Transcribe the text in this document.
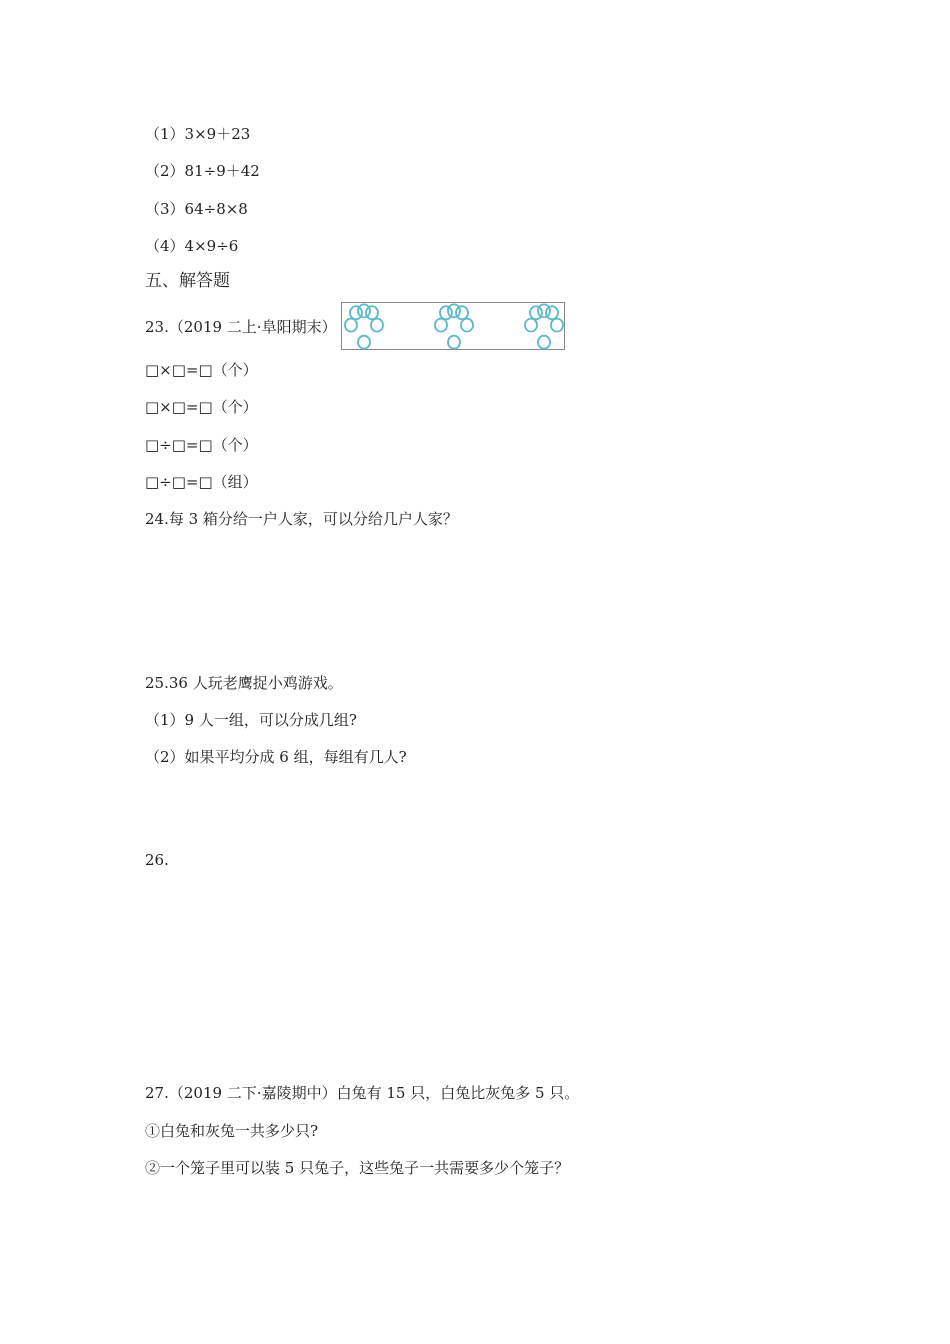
（1）3×9＋23
（2）81÷9＋42
（3）64÷8×8
（4）4×9÷6
五、解答题
23.（2019 二上·阜阳期末）
□×□=□（个）
□×□=□（个）
□÷□=□（个）
□÷□=□（组）
24.每 3 箱分给一户人家，可以分给几户人家？
25.36 人玩老鹰捉小鸡游戏。
（1）9 人一组，可以分成几组?
（2）如果平均分成 6 组，每组有几人?
26.
27.（2019 二下·嘉陵期中）白兔有 15 只，白兔比灰兔多 5 只。
①白兔和灰兔一共多少只?
②一个笼子里可以装 5 只兔子，这些兔子一共需要多少个笼子？
